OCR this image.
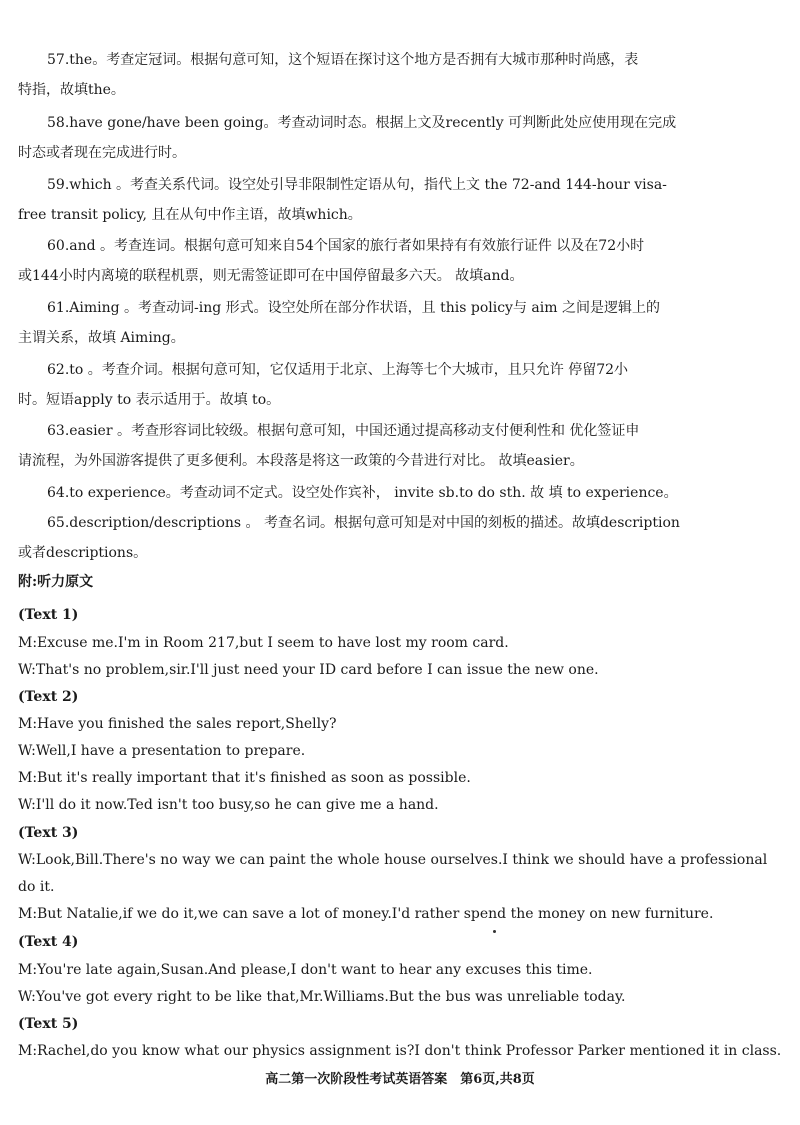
57.the。考查定冠词。根据句意可知，这个短语在探讨这个地方是否拥有大城市那种时尚感，表
特指，故填the。
58.have gone/have been going。考查动词时态。根据上文及recently 可判断此处应使用现在完成
时态或者现在完成进行时。
59.which 。考查关系代词。设空处引导非限制性定语从句，指代上文 the 72-and 144-hour visa-
free transit policy, 且在从句中作主语，故填which。
60.and 。考查连词。根据句意可知来自54个国家的旅行者如果持有有效旅行证件 以及在72小时
或144小时内离境的联程机票，则无需签证即可在中国停留最多六天。 故填and。
61.Aiming 。考查动词-ing 形式。设空处所在部分作状语，且 this policy与 aim 之间是逻辑上的
主谓关系，故填 Aiming。
62.to 。考查介词。根据句意可知，它仅适用于北京、上海等七个大城市，且只允许 停留72小
时。短语apply to 表示适用于。故填 to。
63.easier 。考查形容词比较级。根据句意可知，中国还通过提高移动支付便利性和 优化签证申
请流程，为外国游客提供了更多便利。本段落是将这一政策的今昔进行对比。 故填easier。
64.to experience。考查动词不定式。设空处作宾补， invite sb.to do sth. 故 填 to experience。
65.description/descriptions 。 考查名词。根据句意可知是对中国的刻板的描述。故填description
或者descriptions。
附:听力原文
(Text 1)
M:Excuse me.I'm in Room 217,but I seem to have lost my room card.
W:That's no problem,sir.I'll just need your ID card before I can issue the new one.
(Text 2)
M:Have you finished the sales report,Shelly?
W:Well,I have a presentation to prepare.
M:But it's really important that it's finished as soon as possible.
W:I'll do it now.Ted isn't too busy,so he can give me a hand.
(Text 3)
W:Look,Bill.There's no way we can paint the whole house ourselves.I think we should have a professional
do it.
M:But Natalie,if we do it,we can save a lot of money.I'd rather spend the money on new furniture.
(Text 4)
M:You're late again,Susan.And please,I don't want to hear any excuses this time.
W:You've got every right to be like that,Mr.Williams.But the bus was unreliable today.
(Text 5)
M:Rachel,do you know what our physics assignment is?I don't think Professor Parker mentioned it in class.
高二第一次阶段性考试英语答案　第6页,共8页
